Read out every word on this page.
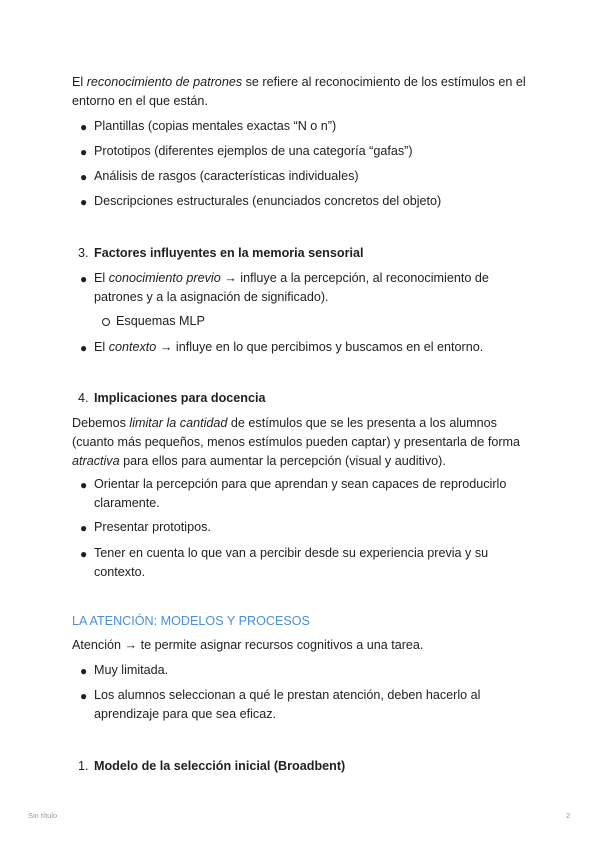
El reconocimiento de patrones se refiere al reconocimiento de los estímulos en el entorno en el que están.
● Plantillas (copias mentales exactas “N o n”)
● Prototipos (diferentes ejemplos de una categoría “gafas”)
● Análisis de rasgos (características individuales)
● Descripciones estructurales (enunciados concretos del objeto)
3. Factores influyentes en la memoria sensorial
● El conocimiento previo → influye a la percepción, al reconocimiento de patrones y a la asignación de significado).
Esquemas MLP
● El contexto → influye en lo que percibimos y buscamos en el entorno.
4. Implicaciones para docencia
Debemos limitar la cantidad de estímulos que se les presenta a los alumnos (cuanto más pequeños, menos estímulos pueden captar) y presentarla de forma atractiva para ellos para aumentar la percepción (visual y auditivo).
● Orientar la percepción para que aprendan y sean capaces de reproducirlo claramente.
● Presentar prototipos.
● Tener en cuenta lo que van a percibir desde su experiencia previa y su contexto.
LA ATENCIÓN: MODELOS Y PROCESOS
Atención → te permite asignar recursos cognitivos a una tarea.
● Muy limitada.
● Los alumnos seleccionan a qué le prestan atención, deben hacerlo al aprendizaje para que sea eficaz.
1. Modelo de la selección inicial (Broadbent)
Sin título	2
